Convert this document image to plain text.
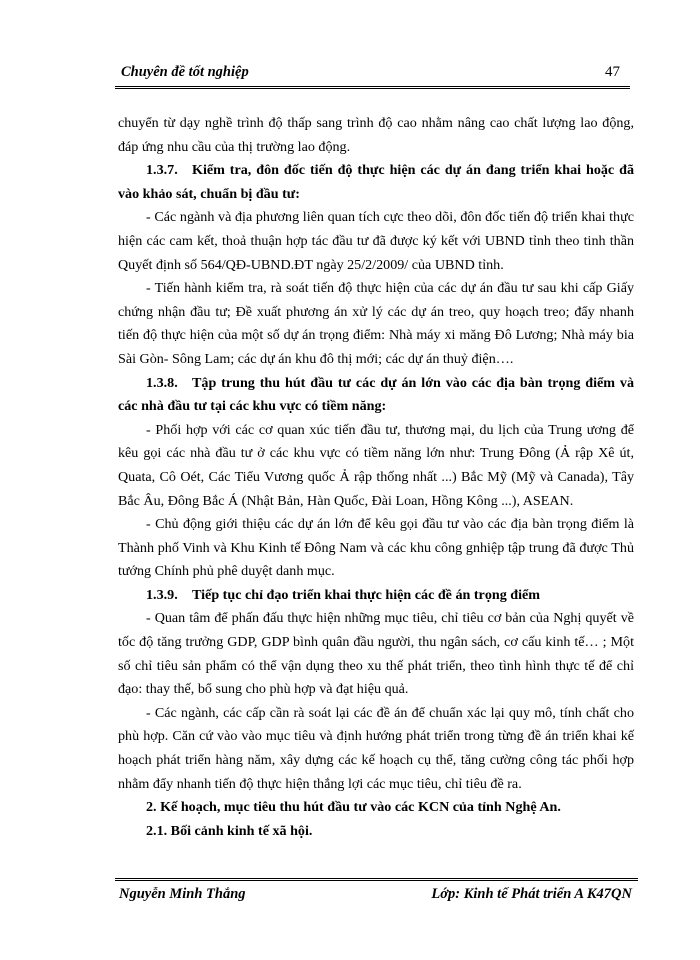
Chuyên đề tốt nghiệp	47

chuyển từ dạy nghề trình độ thấp sang trình độ cao nhằm nâng cao chất lượng lao động, đáp ứng nhu cầu của thị trường lao động.

1.3.7. Kiểm tra, đôn đốc tiến độ thực hiện các dự án đang triển khai hoặc đã vào khảo sát, chuẩn bị đầu tư:

- Các ngành và địa phương liên quan tích cực theo dõi, đôn đốc tiến độ triển khai thực hiện các cam kết, thoả thuận hợp tác đầu tư đã được ký kết với UBND tỉnh theo tinh thần Quyết định số 564/QĐ-UBND.ĐT ngày 25/2/2009/ của UBND tỉnh.

- Tiến hành kiểm tra, rà soát tiến độ thực hiện của các dự án đầu tư sau khi cấp Giấy chứng nhận đầu tư; Đề xuất phương án xử lý các dự án treo, quy hoạch treo; đẩy nhanh tiến độ thực hiện của một số dự án trọng điểm: Nhà máy xi măng Đô Lương; Nhà máy bia Sài Gòn- Sông Lam; các dự án khu đô thị mới; các dự án thuỷ điện….

1.3.8. Tập trung thu hút đầu tư các dự án lớn vào các địa bàn trọng điểm và các nhà đầu tư tại các khu vực có tiềm năng:

- Phối hợp với các cơ quan xúc tiến đầu tư, thương mại, du lịch của Trung ương để kêu gọi các nhà đầu tư ở các khu vực có tiềm năng lớn như: Trung Đông (Ả rập Xê út, Quata, Cô Oét, Các Tiểu Vương quốc Ả rập thống nhất ...) Bắc Mỹ (Mỹ và Canada), Tây Bắc Âu, Đông Bắc Á (Nhật Bản, Hàn Quốc, Đài Loan, Hồng Kông ...), ASEAN.

- Chủ động giới thiệu các dự án lớn để kêu gọi đầu tư vào các địa bàn trọng điểm là Thành phố Vinh và Khu Kinh tế Đông Nam và các khu công gnhiệp tập trung đã được Thủ tướng Chính phủ phê duyệt danh mục.

1.3.9. Tiếp tục chỉ đạo triển khai thực hiện các đề án trọng điểm

- Quan tâm để phấn đấu thực hiện những mục tiêu, chỉ tiêu cơ bản của Nghị quyết về tốc độ tăng trưởng GDP, GDP bình quân đầu người, thu ngân sách, cơ cấu kinh tế… ; Một số chỉ tiêu sản phẩm có thể vận dụng theo xu thế phát triển, theo tình hình thực tế để chỉ đạo: thay thế, bổ sung cho phù hợp và đạt hiệu quả.

- Các ngành, các cấp cần rà soát lại các đề án để chuẩn xác lại quy mô, tính chất cho phù hợp. Căn cứ vào vào mục tiêu và định hướng phát triển trong từng đề án triển khai kế hoạch phát triển hàng năm, xây dựng các kế hoạch cụ thể, tăng cường công tác phối hợp nhằm đẩy nhanh tiến độ thực hiện thắng lợi các mục tiêu, chỉ tiêu đề ra.

2. Kế hoạch, mục tiêu thu hút đầu tư vào các KCN của tỉnh Nghệ An.

2.1. Bối cảnh kinh tế xã hội.

Nguyễn Minh Thắng	Lớp: Kinh tế Phát triển A K47QN
